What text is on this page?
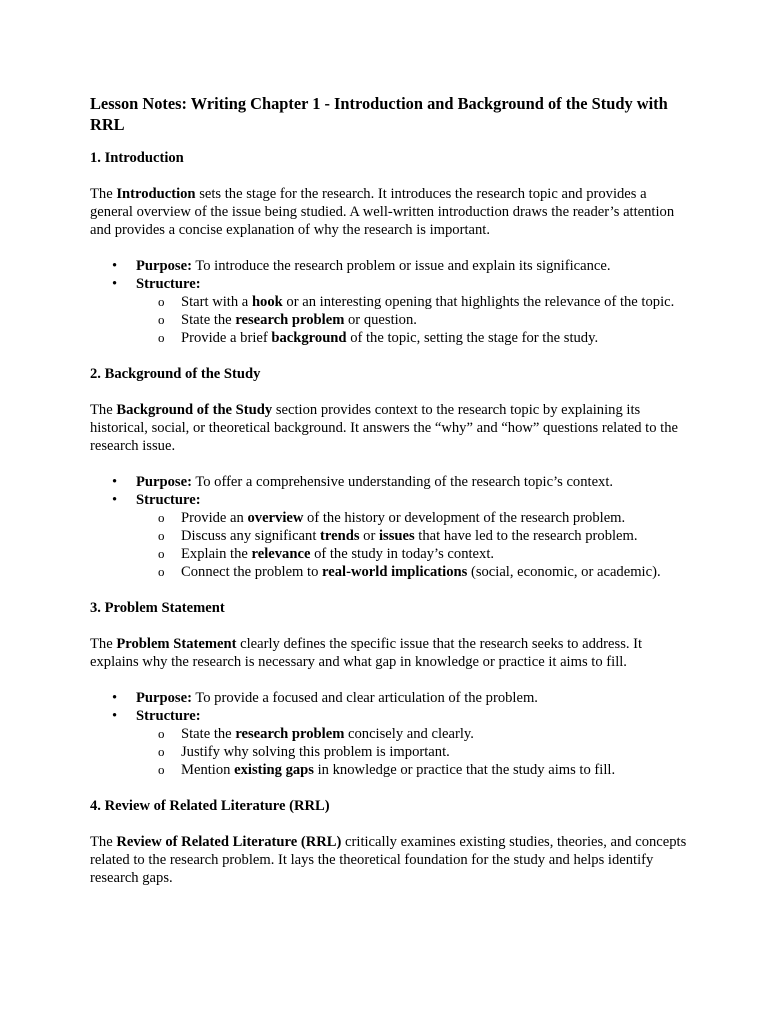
Lesson Notes: Writing Chapter 1 - Introduction and Background of the Study with RRL
1. Introduction

The Introduction sets the stage for the research. It introduces the research topic and provides a general overview of the issue being studied. A well-written introduction draws the reader’s attention and provides a concise explanation of why the research is important.

• Purpose: To introduce the research problem or issue and explain its significance.
• Structure:
o Start with a hook or an interesting opening that highlights the relevance of the topic.
o State the research problem or question.
o Provide a brief background of the topic, setting the stage for the study.
2. Background of the Study

The Background of the Study section provides context to the research topic by explaining its historical, social, or theoretical background. It answers the “why” and “how” questions related to the research issue.

• Purpose: To offer a comprehensive understanding of the research topic’s context.
• Structure:
o Provide an overview of the history or development of the research problem.
o Discuss any significant trends or issues that have led to the research problem.
o Explain the relevance of the study in today’s context.
o Connect the problem to real-world implications (social, economic, or academic).
3. Problem Statement

The Problem Statement clearly defines the specific issue that the research seeks to address. It explains why the research is necessary and what gap in knowledge or practice it aims to fill.

• Purpose: To provide a focused and clear articulation of the problem.
• Structure:
o State the research problem concisely and clearly.
o Justify why solving this problem is important.
o Mention existing gaps in knowledge or practice that the study aims to fill.
4. Review of Related Literature (RRL)

The Review of Related Literature (RRL) critically examines existing studies, theories, and concepts related to the research problem. It lays the theoretical foundation for the study and helps identify research gaps.
